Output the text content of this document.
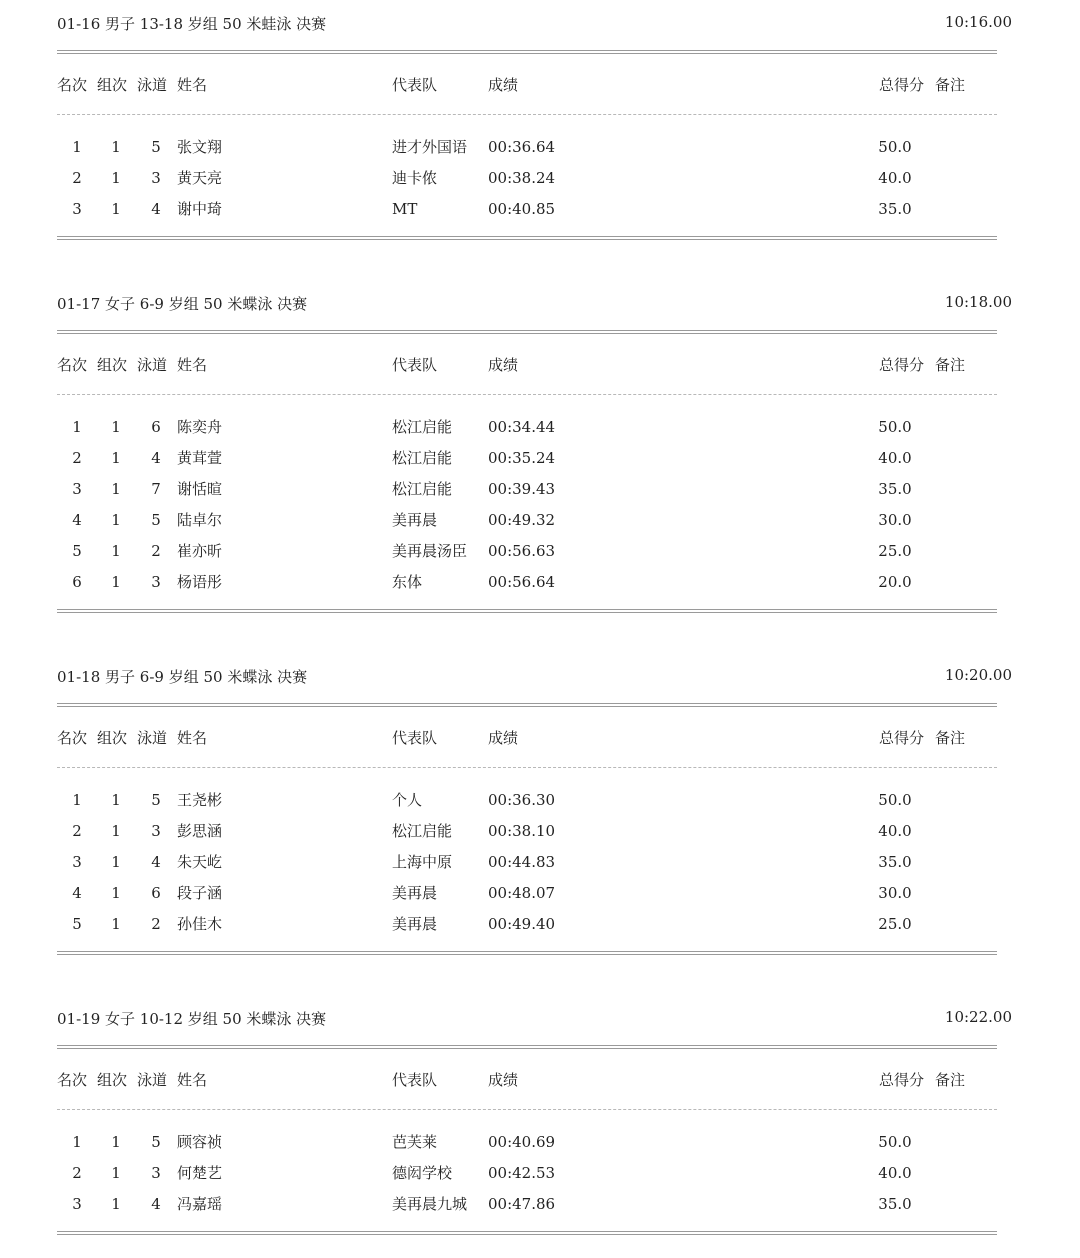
01-16 男子 13-18 岁组 50 米蛙泳 决赛	10:16.00
名次 组次 泳道 姓名	代表队	成绩	总得分 备注
1	1	5	张文翔	进才外国语 00:36.64	50.0
2	1	3	黄天亮	迪卡侬	00:38.24	40.0
3	1	4	谢中琦	MT	00:40.85	35.0
01-17 女子 6-9 岁组 50 米蝶泳 决赛	10:18.00
名次 组次 泳道 姓名	代表队	成绩	总得分 备注
1	1	6	陈奕舟	松江启能 00:34.44	50.0
2	1	4	黄茸萱	松江启能 00:35.24	40.0
3	1	7	谢恬暄	松江启能 00:39.43	35.0
4	1	5	陆卓尔	美再晨	00:49.32	30.0
5	1	2	崔亦昕	美再晨汤臣 00:56.63	25.0
6	1	3	杨语彤	东体	00:56.64	20.0
01-18 男子 6-9 岁组 50 米蝶泳 决赛	10:20.00
名次 组次 泳道 姓名	代表队	成绩	总得分 备注
1	1	5	王尧彬	个人	00:36.30	50.0
2	1	3	彭思涵	松江启能 00:38.10	40.0
3	1	4	朱天屹	上海中原 00:44.83	35.0
4	1	6	段子涵	美再晨	00:48.07	30.0
5	1	2	孙佳木	美再晨	00:49.40	25.0
01-19 女子 10-12 岁组 50 米蝶泳 决赛	10:22.00
名次 组次 泳道 姓名	代表队	成绩	总得分 备注
1	1	5	顾容祯	芭芙莱	00:40.69	50.0
2	1	3	何楚艺	德闳学校 00:42.53	40.0
3	1	4	冯嘉瑶	美再晨九城 00:47.86	35.0
